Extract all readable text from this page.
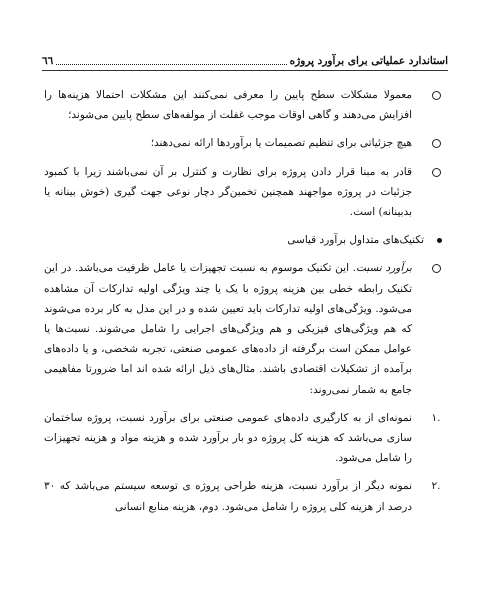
استاندارد عملیاتی برای برآورد پروژه
٦٦
معمولا مشکلات سطح پایین را معرفی نمی‌کنند این مشکلات احتمالا هزینه‌ها را افزایش می‌دهند و گاهی اوقات موجب غفلت از مولفه‌های سطح پایین می‌شوند؛
هیچ جزئیاتی برای تنظیم تصمیمات یا برآوردها ارائه نمی‌دهند؛
قادر به مبنا قرار دادن پروژه برای نظارت و کنترل بر آن نمی‌باشند زیرا با کمبود جزئیات در پروژه مواجهند همچنین تخمین‌گر دچار نوعی جهت گیری (خوش بینانه یا بدبینانه) است.
تکنیک‌های متداول برآورد قیاسی
برآورد نسبت. این تکنیک موسوم به نسبت تجهیزات یا عامل ظرفیت می‌باشد. در این تکنیک رابطه خطی بین هزینه پروژه با یک یا چند ویژگی اولیه تدارکات آن مشاهده می‌شود. ویژگی‌های اولیه تدارکات باید تعیین شده و در این مدل به کار برده می‌شوند که هم ویژگی‌های فیزیکی و هم ویژگی‌های اجرایی را شامل می‌شوند. نسبت‌ها یا عوامل ممکن است برگرفته از داده‌های عمومی صنعتی، تجربه شخصی، و یا داده‌های برآمده از تشکیلات اقتصادی باشند. مثال‌های ذیل ارائه شده اند اما ضرورتا مفاهیمی جامع به شمار نمی‌روند:
.١
نمونه‌ای از به کارگیری داده‌های عمومی صنعتی برای برآورد نسبت، پروژه ساختمان سازی می‌باشد که هزینه کل پروژه دو بار برآورد شده و هزینه مواد و هزینه تجهیزات را شامل می‌شود.
.٢
نمونه دیگر از برآورد نسبت، هزینه طراحی پروژه ی توسعه سیستم می‌باشد که ٣٠ درصد از هزینه کلی پروژه را شامل می‌شود. دوم، هزینه منابع انسانی
